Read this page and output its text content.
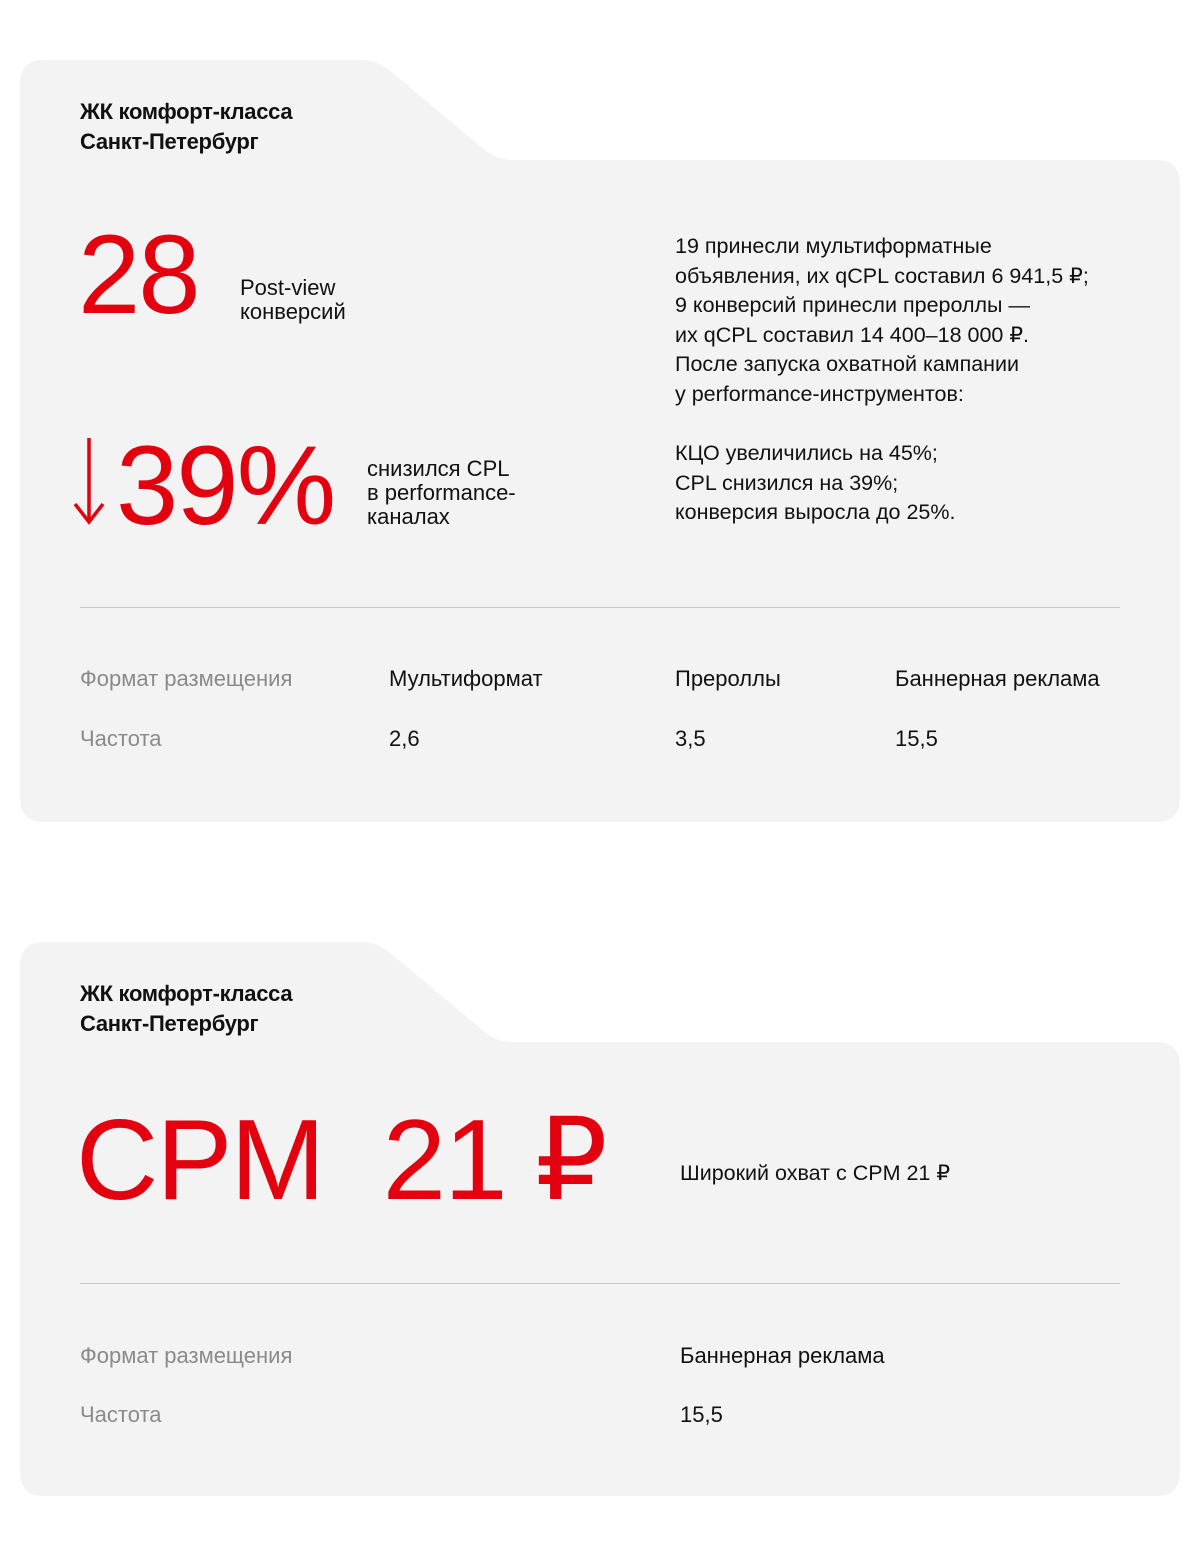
ЖК комфорт-класса
Санкт-Петербург
28 Post-view
конверсий
39% снизился CPL
в performance-
каналах
19 принесли мультиформатные
объявления, их qCPL составил 6 941,5 ₽;
9 конверсий принесли прероллы —
их qCPL составил 14 400–18 000 ₽.
После запуска охватной кампании
у performance-инструментов:
КЦО увеличились на 45%;
CPL снизился на 39%;
конверсия выросла до 25%.
Формат размещения	Мультиформат	Прероллы	Баннерная реклама
Частота	2,6	3,5	15,5
ЖК комфорт-класса
Санкт-Петербург
CPM  21 ₽	Широкий охват с CPM 21 ₽
Формат размещения	Баннерная реклама
Частота	15,5
